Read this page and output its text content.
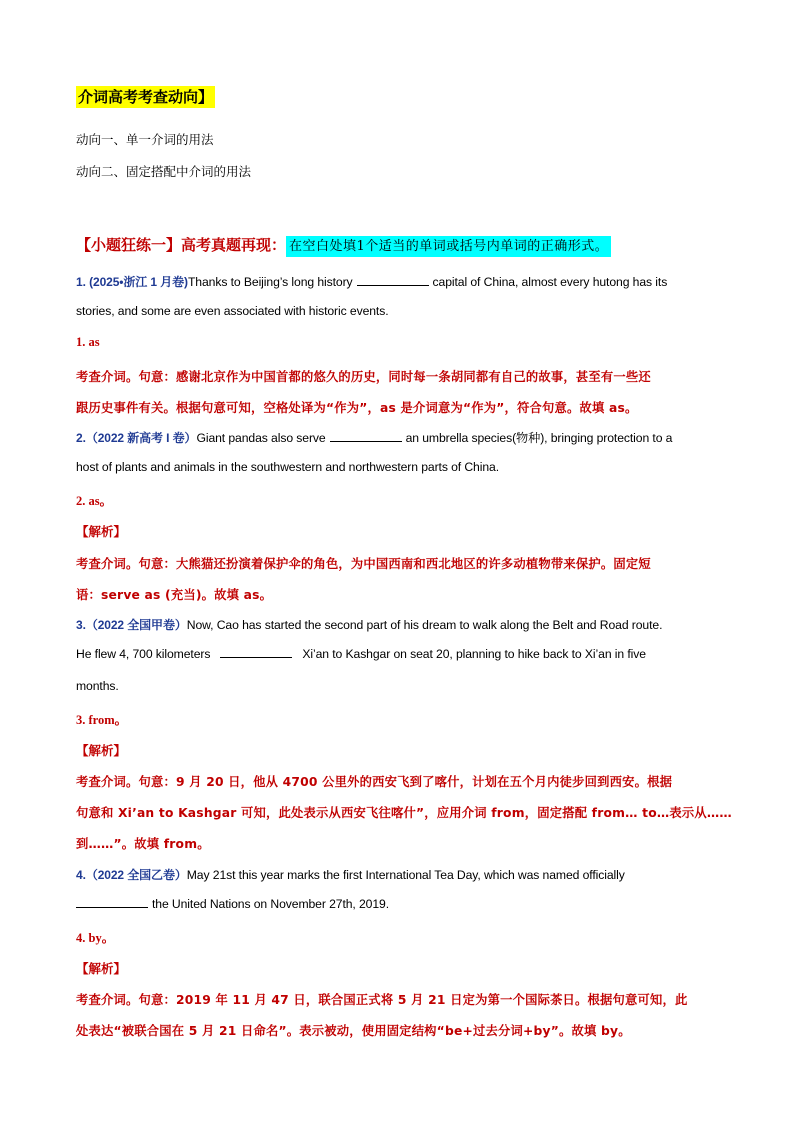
介词高考考查动向】
动向一、单一介词的用法
动向二、固定搭配中介词的用法
【小题狂练一】高考真题再现： 在空白处填1个适当的单词或括号内单词的正确形式。
1. (2025•浙江 1 月卷)Thanks to Beijing’s long history	capital of China, almost every hutong has its
stories, and some are even associated with historic events.
1. as
考查介词。句意：感谢北京作为中国首都的悠久的历史，同时每一条胡同都有自己的故事，甚至有一些还
跟历史事件有关。根据句意可知，空格处译为“作为”，as 是介词意为“作为”，符合句意。故填 as。
2.（2022 新高考 I 卷）Giant pandas also serve	an umbrella species(物种), bringing protection to a
host of plants and animals in the southwestern and northwestern parts of China.
2. as。
【解析】
考查介词。句意：大熊猫还扮演着保护伞的角色，为中国西南和西北地区的许多动植物带来保护。固定短
语：serve as (充当)。故填 as。
3.（2022 全国甲卷）Now, Cao has started the second part of his dream to walk along the Belt and Road route.
He flew 4, 700 kilometers	Xi’an to Kashgar on seat 20, planning to hike back to Xi’an in five
months.
3. from。
【解析】
考查介词。句意：9 月 20 日，他从 4700 公里外的西安飞到了喀什，计划在五个月内徒步回到西安。根据
句意和 Xi’an to Kashgar 可知，此处表示从西安飞往喀什”，应用介词 from，固定搭配 from… to…表示从……
到……”。故填 from。
4.（2022 全国乙卷）May 21st this year marks the first International Tea Day, which was named officially
the United Nations on November 27th, 2019.
4. by。
【解析】
考查介词。句意：2019 年 11 月 47 日，联合国正式将 5 月 21 日定为第一个国际茶日。根据句意可知，此
处表达“被联合国在 5 月 21 日命名”。表示被动，使用固定结构“be+过去分词+by”。故填 by。
